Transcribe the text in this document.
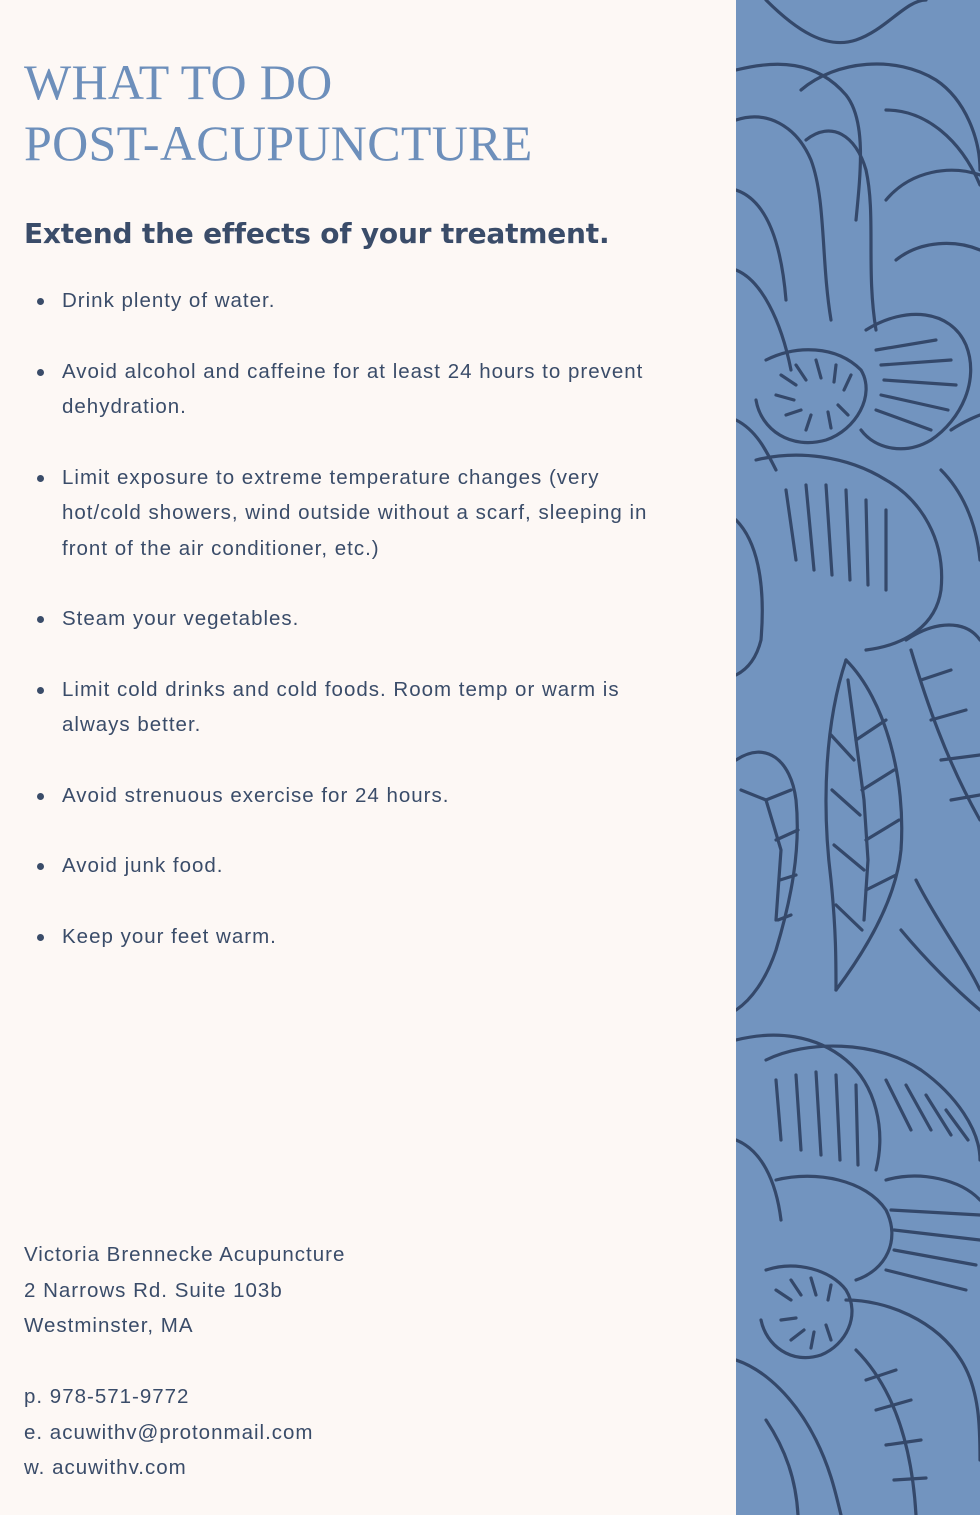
WHAT TO DO
POST-ACUPUNCTURE
Extend the effects of your treatment.
Drink plenty of water.
Avoid alcohol and caffeine for at least 24 hours to prevent dehydration.
Limit exposure to extreme temperature changes (very hot/cold showers, wind outside without a scarf, sleeping in front of the air conditioner, etc.)
Steam your vegetables.
Limit cold drinks and cold foods. Room temp or warm is always better.
Avoid strenuous exercise for 24 hours.
Avoid junk food.
Keep your feet warm.
Victoria Brennecke Acupuncture
2 Narrows Rd. Suite 103b
Westminster, MA
p. 978-571-9772
e. acuwithv@protonmail.com
w. acuwithv.com
